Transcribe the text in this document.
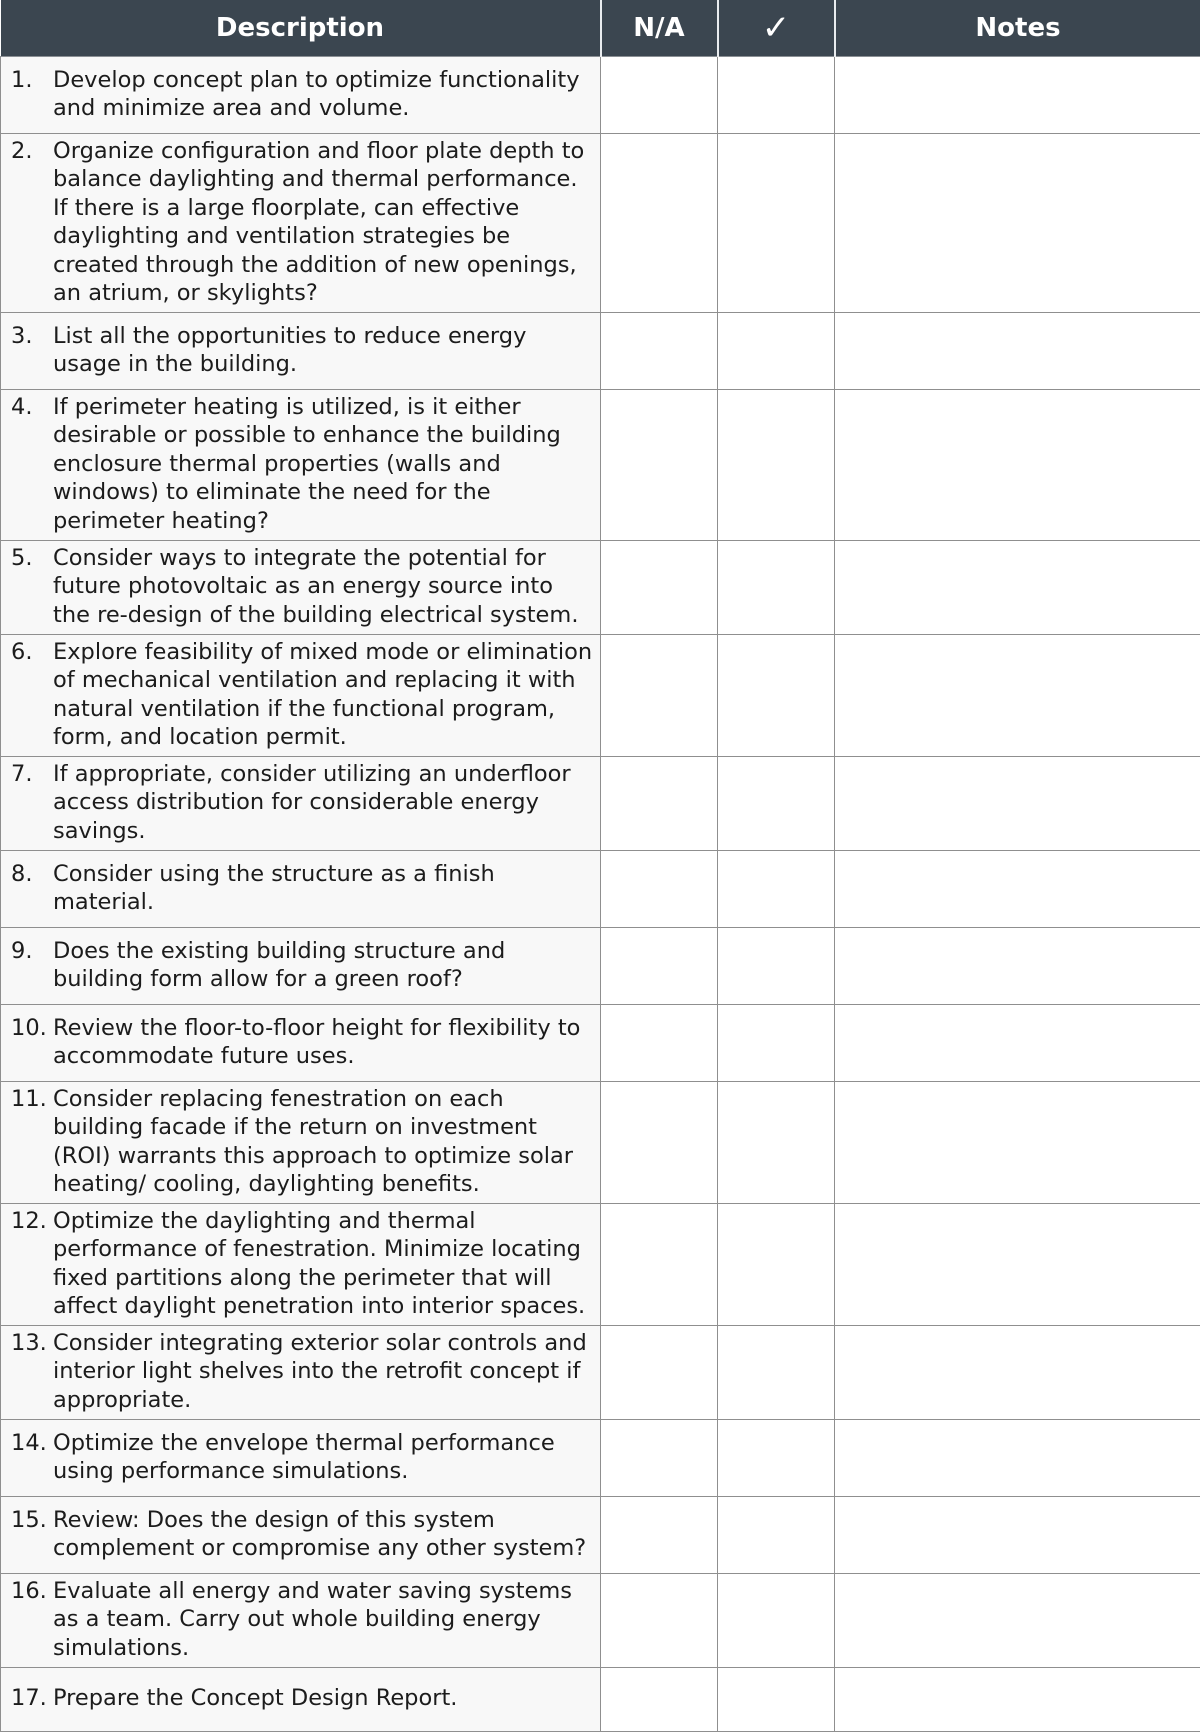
Description	N/A	✓	Notes

1. Develop concept plan to optimize functionality and minimize area and volume.			

2. Organize configuration and floor plate depth to balance daylighting and thermal performance. If there is a large floorplate, can effective daylighting and ventilation strategies be created through the addition of new openings, an atrium, or skylights?			

3. List all the opportunities to reduce energy usage in the building.			

4. If perimeter heating is utilized, is it either desirable or possible to enhance the building enclosure thermal properties (walls and windows) to eliminate the need for the perimeter heating?			

5. Consider ways to integrate the potential for future photovoltaic as an energy source into the re-design of the building electrical system.			

6. Explore feasibility of mixed mode or elimination of mechanical ventilation and replacing it with natural ventilation if the functional program, form, and location permit.			

7. If appropriate, consider utilizing an underfloor access distribution for considerable energy savings.			

8. Consider using the structure as a finish material.			

9. Does the existing building structure and building form allow for a green roof?			

10. Review the floor-to-floor height for flexibility to accommodate future uses.			

11. Consider replacing fenestration on each building facade if the return on investment (ROI) warrants this approach to optimize solar heating/ cooling, daylighting benefits.			

12. Optimize the daylighting and thermal performance of fenestration. Minimize locating fixed partitions along the perimeter that will affect daylight penetration into interior spaces.			

13. Consider integrating exterior solar controls and interior light shelves into the retrofit concept if appropriate.			

14. Optimize the envelope thermal performance using performance simulations.			

15. Review: Does the design of this system complement or compromise any other system?			

16. Evaluate all energy and water saving systems as a team. Carry out whole building energy simulations.			

17. Prepare the Concept Design Report.			
